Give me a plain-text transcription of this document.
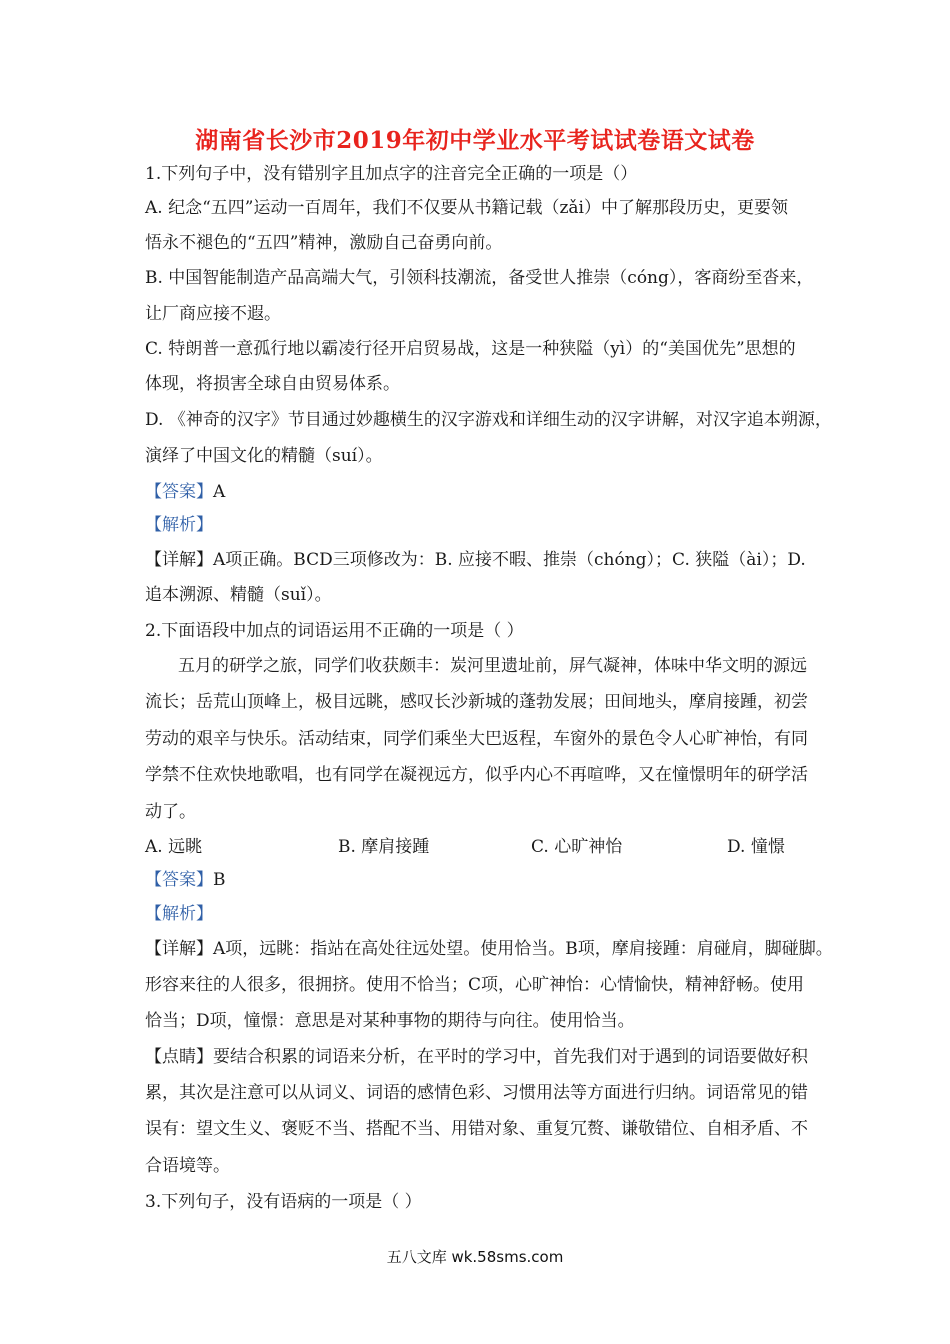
湖南省长沙市2019年初中学业水平考试试卷语文试卷
1.下列句子中，没有错别字且加点字的注音完全正确的一项是（）
A. 纪念“五四”运动一百周年，我们不仅要从书籍记载（zǎi）中了解那段历史，更要领
悟永不褪色的“五四”精神，激励自己奋勇向前。
B. 中国智能制造产品高端大气，引领科技潮流，备受世人推崇（cóng），客商纷至沓来，
让厂商应接不遐。
C. 特朗普一意孤行地以霸凌行径开启贸易战，这是一种狭隘（yì）的“美国优先”思想的
体现，将损害全球自由贸易体系。
D. 《神奇的汉字》节目通过妙趣横生的汉字游戏和详细生动的汉字讲解，对汉字追本朔源，
演绎了中国文化的精髓（suí）。
【答案】A
【解析】
【详解】A项正确。BCD三项修改为：B. 应接不暇、推崇（chóng）；C. 狭隘（ài）；D.
追本溯源、精髓（suǐ）。
2.下面语段中加点的词语运用不正确的一项是（ ）
五月的研学之旅，同学们收获颇丰：炭河里遗址前，屏气凝神，体味中华文明的源远
流长；岳荒山顶峰上，极目远眺，感叹长沙新城的蓬勃发展；田间地头，摩肩接踵，初尝
劳动的艰辛与快乐。活动结束，同学们乘坐大巴返程，车窗外的景色令人心旷神怡，有同
学禁不住欢快地歌唱，也有同学在凝视远方，似乎内心不再喧哗，又在憧憬明年的研学活
动了。
A. 远眺	B. 摩肩接踵	C. 心旷神怡	D. 憧憬
【答案】B
【解析】
【详解】A项，远眺：指站在高处往远处望。使用恰当。B项，摩肩接踵：肩碰肩，脚碰脚。
形容来往的人很多，很拥挤。使用不恰当；C项，心旷神怡：心情愉快，精神舒畅。使用
恰当；D项，憧憬：意思是对某种事物的期待与向往。使用恰当。
【点睛】要结合积累的词语来分析，在平时的学习中，首先我们对于遇到的词语要做好积
累，其次是注意可以从词义、词语的感情色彩、习惯用法等方面进行归纳。词语常见的错
误有：望文生义、褒贬不当、搭配不当、用错对象、重复冗赘、谦敬错位、自相矛盾、不
合语境等。
3.下列句子，没有语病的一项是（ ）
五八文库 wk.58sms.com
